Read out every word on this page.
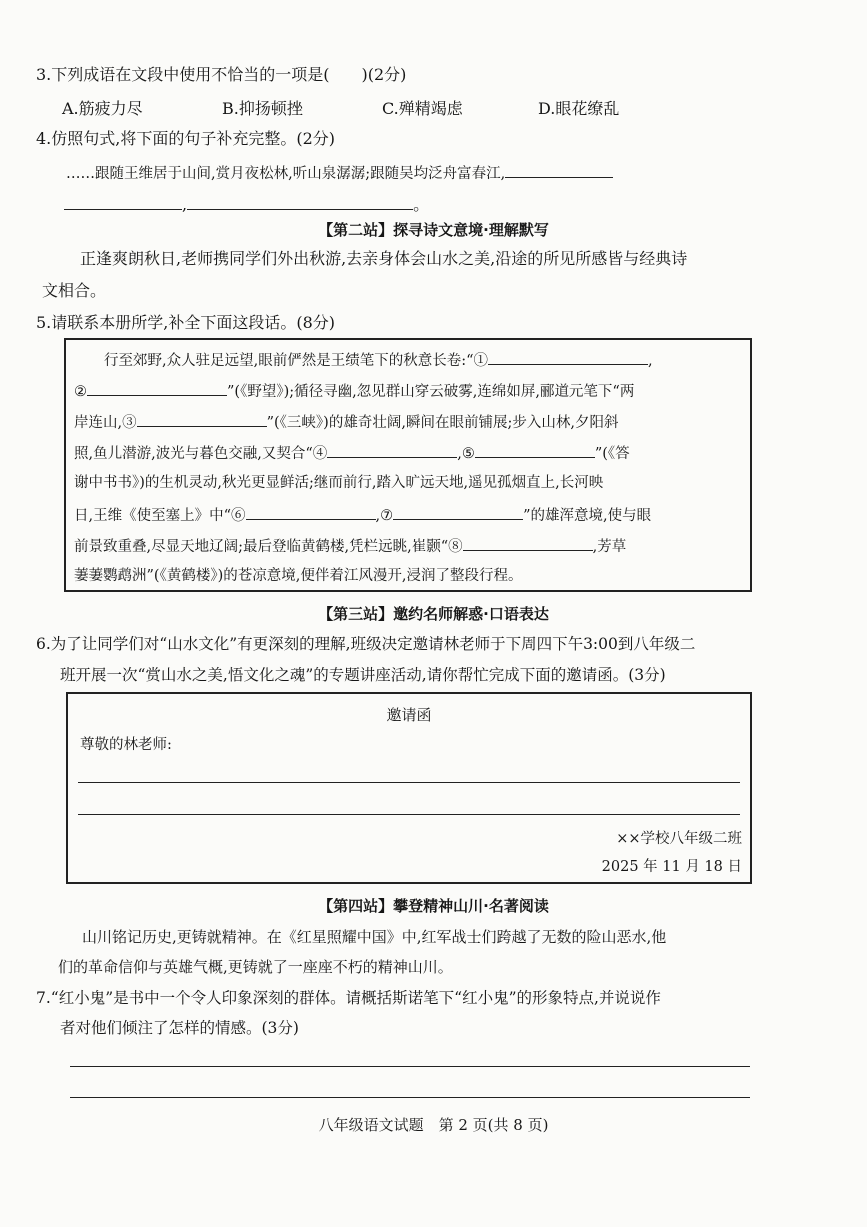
3.下列成语在文段中使用不恰当的一项是(　　)(2分)
A.筋疲力尽	B.抑扬顿挫	C.殚精竭虑	D.眼花缭乱
4.仿照句式,将下面的句子补充完整。(2分)
……跟随王维居于山间,赏月夜松林,听山泉潺潺;跟随吴均泛舟富春江,
,	。
【第二站】探寻诗文意境·理解默写
正逢爽朗秋日,老师携同学们外出秋游,去亲身体会山水之美,沿途的所见所感皆与经典诗
文相合。
5.请联系本册所学,补全下面这段话。(8分)
行至郊野,众人驻足远望,眼前俨然是王绩笔下的秋意长卷:“①	,
②	”(《野望》);循径寻幽,忽见群山穿云破雾,连绵如屏,郦道元笔下“两
岸连山,③	”(《三峡》)的雄奇壮阔,瞬间在眼前铺展;步入山林,夕阳斜
照,鱼儿潜游,波光与暮色交融,又契合“④	,⑤	”(《答
谢中书书》)的生机灵动,秋光更显鲜活;继而前行,踏入旷远天地,遥见孤烟直上,长河映
日,王维《使至塞上》中“⑥	,⑦	”的雄浑意境,使与眼
前景致重叠,尽显天地辽阔;最后登临黄鹤楼,凭栏远眺,崔颢“⑧	,芳草
萋萋鹦鹉洲”(《黄鹤楼》)的苍凉意境,便伴着江风漫开,浸润了整段行程。
【第三站】邀约名师解惑·口语表达
6.为了让同学们对“山水文化”有更深刻的理解,班级决定邀请林老师于下周四下午3:00到八年级二
班开展一次“赏山水之美,悟文化之魂”的专题讲座活动,请你帮忙完成下面的邀请函。(3分)
邀请函
尊敬的林老师:
××学校八年级二班
2025 年 11 月 18 日
【第四站】攀登精神山川·名著阅读
山川铭记历史,更铸就精神。在《红星照耀中国》中,红军战士们跨越了无数的险山恶水,他
们的革命信仰与英雄气概,更铸就了一座座不朽的精神山川。
7.“红小鬼”是书中一个令人印象深刻的群体。请概括斯诺笔下“红小鬼”的形象特点,并说说作
者对他们倾注了怎样的情感。(3分)
八年级语文试题　第 2 页(共 8 页)
